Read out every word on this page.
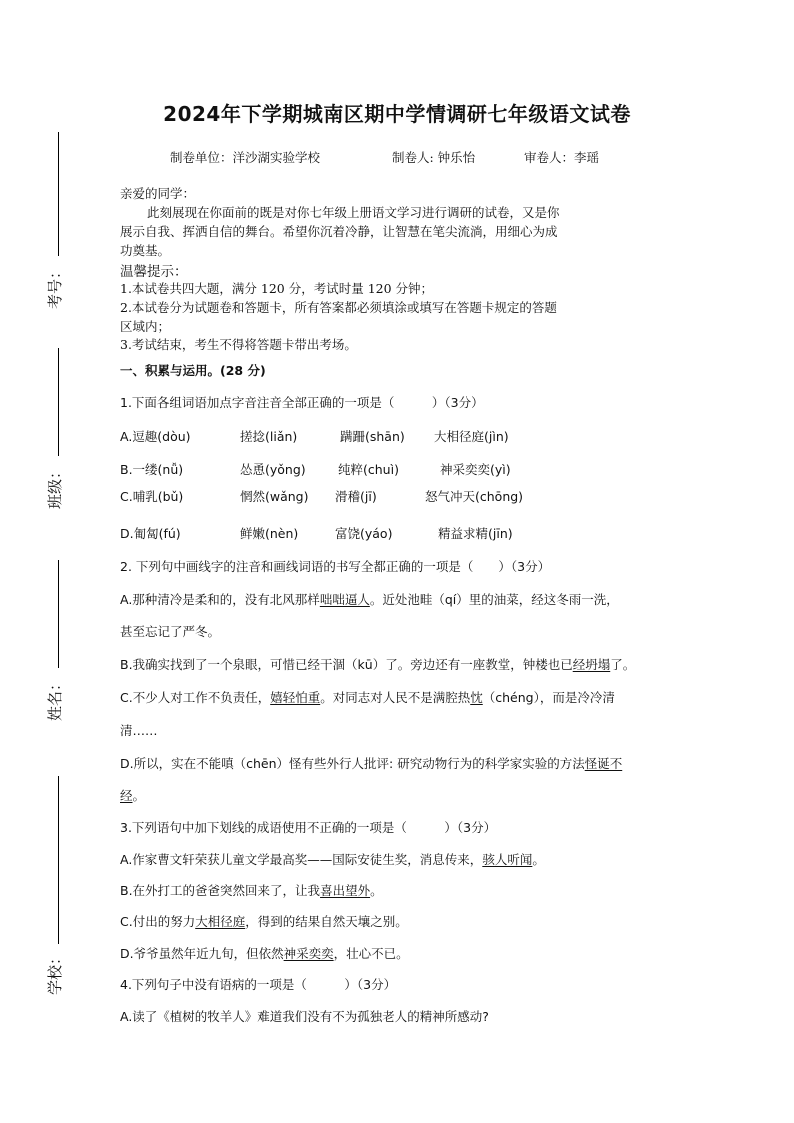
考号：
班级：
姓名：
学校：
2024年下学期城南区期中学情调研七年级语文试卷
制卷单位：洋沙湖实验学校	制卷人: 钟乐怡	审卷人：李瑶
亲爱的同学：
此刻展现在你面前的既是对你七年级上册语文学习进行调研的试卷，又是你
展示自我、挥洒自信的舞台。希望你沉着冷静，让智慧在笔尖流淌，用细心为成
功奠基。
温馨提示：
1.本试卷共四大题，满分 120 分，考试时量 120 分钟；
2.本试卷分为试题卷和答题卡，所有答案都必须填涂或填写在答题卡规定的答题
区域内；
3.考试结束，考生不得将答题卡带出考场。
一、积累与运用。(28 分)
1.下面各组词语加点字音注音全部正确的一项是（　　　）（3分）
A.逗趣(dòu)	搓捻(liǎn)	蹒跚(shān) 大相径庭(jìn)
B.一缕(nǚ)	怂恿(yǒng)	纯粹(chuì)	神采奕奕(yì)
C.哺乳(bǔ)	惘然(wǎng) 滑稽(jī)	怒气冲天(chōng)
D.匍匐(fú)	鲜嫩(nèn)	富饶(yáo)	精益求精(jīn)
2. 下列句中画线字的注音和画线词语的书写全都正确的一项是（　　）（3分）
A.那种清冷是柔和的，没有北风那样咄咄逼人。近处池畦（qí）里的油菜，经这冬雨一洗，
甚至忘记了严冬。
B.我确实找到了一个泉眼，可惜已经干涸（kū）了。旁边还有一座教堂，钟楼也已经坍塌了。
C.不少人对工作不负责任，嬉轻怕重。对同志对人民不是满腔热忱（chéng），而是冷冷清
清……
D.所以，实在不能嗔（chēn）怪有些外行人批评: 研究动物行为的科学家实验的方法怪诞不
经。
3.下列语句中加下划线的成语使用不正确的一项是（　　　）（3分）
A.作家曹文轩荣获儿童文学最高奖——国际安徒生奖，消息传来，骇人听闻。
B.在外打工的爸爸突然回来了，让我喜出望外。
C.付出的努力大相径庭，得到的结果自然天壤之别。
D.爷爷虽然年近九旬，但依然神采奕奕，壮心不已。
4.下列句子中没有语病的一项是（　　　）（3分）
A.读了《植树的牧羊人》难道我们没有不为孤独老人的精神所感动?
